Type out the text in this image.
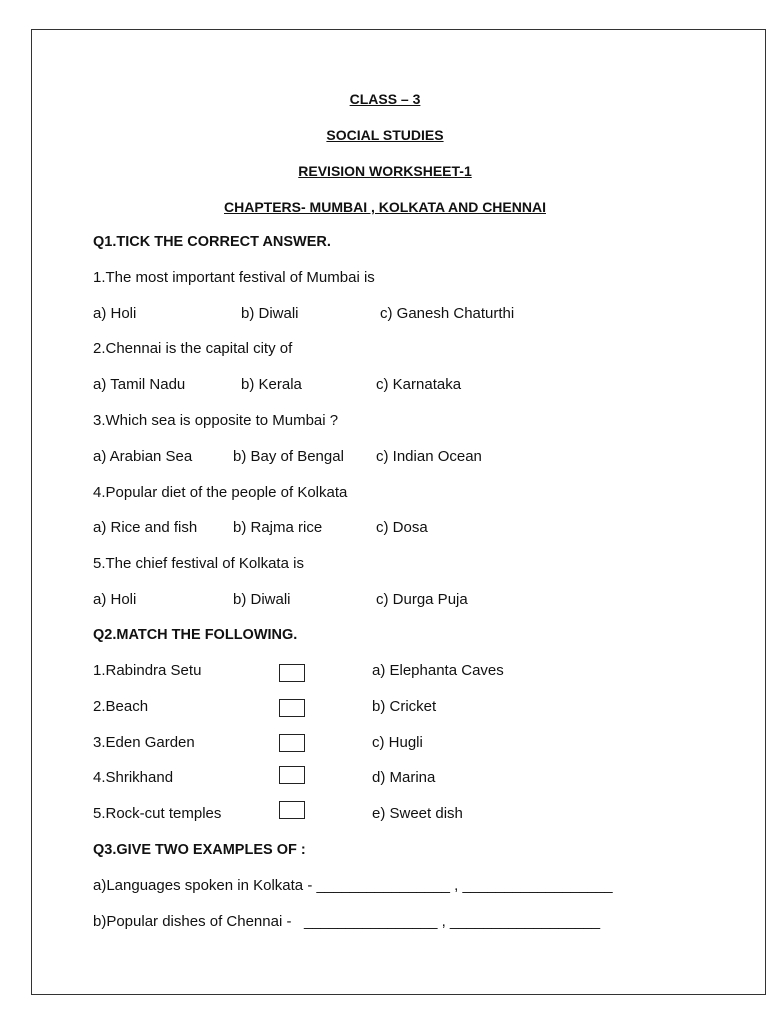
CLASS – 3
SOCIAL STUDIES
REVISION WORKSHEET-1
CHAPTERS- MUMBAI , KOLKATA AND CHENNAI
Q1.TICK THE CORRECT ANSWER.
1.The most important festival of Mumbai is
a) Holi	b) Diwali	c) Ganesh Chaturthi
2.Chennai is the capital city of
a) Tamil Nadu	b) Kerala	c) Karnataka
3.Which sea is opposite to Mumbai ?
a) Arabian Sea	b) Bay of Bengal c) Indian Ocean
4.Popular diet of the people of Kolkata
a) Rice and fish b) Rajma rice	c) Dosa
5.The chief festival of Kolkata is
a) Holi	b) Diwali	c) Durga Puja
Q2.MATCH THE FOLLOWING.
1.Rabindra Setu	a) Elephanta Caves
2.Beach	b) Cricket
3.Eden Garden	c) Hugli
4.Shrikhand	d) Marina
5.Rock-cut temples	e) Sweet dish
Q3.GIVE TWO EXAMPLES OF :
a)Languages spoken in Kolkata - ________________ , __________________
b)Popular dishes of Chennai -   ________________ , __________________
